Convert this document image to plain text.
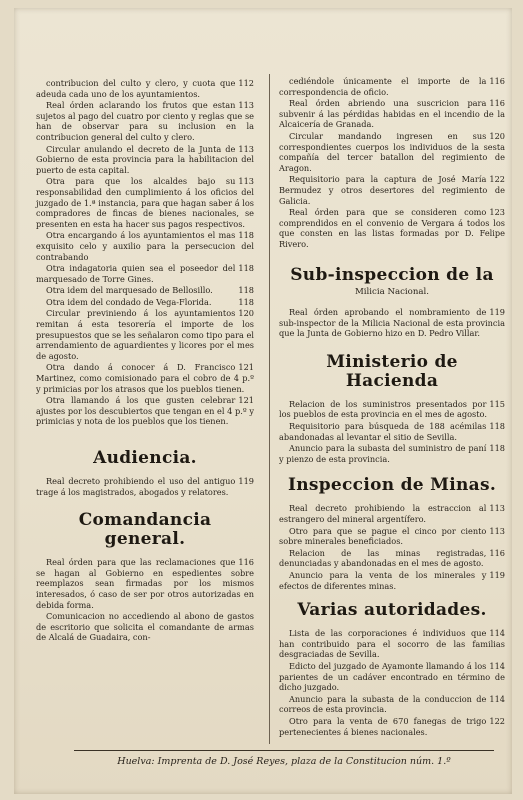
112
contribucion del culto y clero, y cuota que adeuda cada uno de los ayuntamientos.
113
Real órden aclarando los frutos que estan sujetos al pago del cuatro por ciento y reglas que se han de observar para su inclusion en la contribucion general del culto y clero.
113
Circular anulando el decreto de la Junta de Gobierno de esta provincia para la habilitacion del puerto de esta capital.
113
Otra para que los alcaldes bajo su responsabilidad den cumplimiento á los oficios del juzgado de 1.ª instancia, para que hagan saber á los compradores de fincas de bienes nacionales, se presenten en esta ha hacer sus pagos respectivos.
118
Otra encargando á los ayuntamientos el mas exquisito celo y auxilio para la persecucion del contrabando
118
Otra indagatoria quien sea el poseedor del marquesado de Torre Gines.
118
Otra idem del marquesado de Bellosillo.
118
Otra idem del condado de Vega-Florida.
120
Circular previniendo á los ayuntamientos remitan á esta tesorería el importe de los presupuestos que se les señalaron como tipo para el arrendamiento de aguardientes y licores por el mes de agosto.
121
Otra dando á conocer á D. Francisco Martinez, como comisionado para el cobro de 4 p.º y primicias por los atrasos que los pueblos tienen.
121
Otra llamando á los que gusten celebrar ajustes por los descubiertos que tengan en el 4 p.º y primicias y nota de los pueblos que los tienen.
Audiencia.
119
Real decreto prohibiendo el uso del antiguo trage á los magistrados, abogados y relatores.
Comandancia general.
116
Real órden para que las reclamaciones que se hagan al Gobierno en espedientes sobre reemplazos sean firmadas por los mismos interesados, ó caso de ser por otros autorizadas en debida forma.
Comunicacion no accediendo al abono de gastos de escritorio que solicita el comandante de armas de Alcalá de Guadaira, con-
116
cediéndole únicamente el importe de la correspondencia de oficio.
116
Real órden abriendo una suscricion para subvenir á las pérdidas habidas en el incendio de la Alcaicería de Granada.
120
Circular mandando ingresen en sus correspondientes cuerpos los individuos de la sesta compañía del tercer batallon del regimiento de Aragon.
122
Requisitorio para la captura de José María Bermudez y otros desertores del regimiento de Galicia.
123
Real órden para que se consideren como comprendidos en el convenio de Vergara á todos los que consten en las listas formadas por D. Felipe Rivero.
Sub-inspeccion de la
Milicia Nacional.
119
Real órden aprobando el nombramiento de sub-inspector de la Milicia Nacional de esta provincia que la Junta de Gobierno hizo en D. Pedro Villar.
Ministerio de Hacienda
115
Relacion de los suministros presentados por los pueblos de esta provincia en el mes de agosto.
118
Requisitorio para búsqueda de 188 acémilas abandonadas al levantar el sitio de Sevilla.
118
Anuncio para la subasta del suministro de paní y pienzo de esta provincia.
Inspeccion de Minas.
113
Real decreto prohibiendo la estraccion al estrangero del mineral argentífero.
113
Otro para que se pague el cinco por ciento sobre minerales beneficiados.
116
Relacion de las minas registradas, denunciadas y abandonadas en el mes de agosto.
119
Anuncio para la venta de los minerales y efectos de diferentes minas.
Varias autoridades.
114
Lista de las corporaciones é individuos que han contribuido para el socorro de las familias desgraciadas de Sevilla.
114
Edicto del juzgado de Ayamonte llamando á los parientes de un cadáver encontrado en término de dicho juzgado.
114
Anuncio para la subasta de la conduccion de correos de esta provincia.
122
Otro para la venta de 670 fanegas de trigo pertenecientes á bienes nacionales.
Huelva: Imprenta de D. José Reyes, plaza de la Constitucion núm. 1.º
